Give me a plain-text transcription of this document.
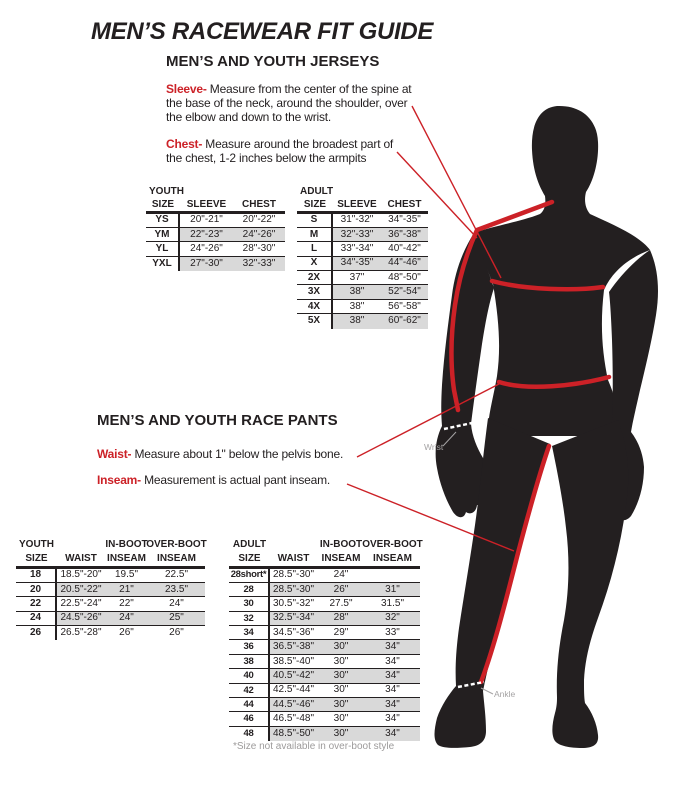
MEN’S RACEWEAR FIT GUIDE
MEN’S AND YOUTH JERSEYS
Sleeve- Measure from the center of the spine at the base of the neck, around the shoulder, over the elbow and down to the wrist.
Chest- Measure around the broadest part of the chest, 1-2 inches below the armpits
MEN’S AND YOUTH RACE PANTS
Waist- Measure about 1" below the pelvis bone.
Inseam- Measurement is actual pant inseam.
YOUTH
SIZE	SLEEVE	CHEST
YS	20"-21"	20"-22"
YM	22"-23"	24"-26"
YL	24"-26"	28"-30"
YXL	27"-30"	32"-33"
ADULT
SIZE	SLEEVE	CHEST
S	31"-32"	34"-35"
M	32"-33"	36"-38"
L	33"-34"	40"-42"
X	34"-35"	44"-46"
2X	37"	48"-50"
3X	38"	52"-54"
4X	38"	56"-58"
5X	38"	60"-62"
YOUTH	IN-BOOT
OVER-BOOT
SIZE	WAIST	INSEAM	INSEAM
18	18.5"-20"	19.5"	22.5"
20	20.5"-22"	21"	23.5"
22	22.5"-24"	22"	24"
24	24.5"-26"	24"	25"
26	26.5"-28"	26"	26"
ADULT	IN-BOOT OVER-BOOT
SIZE	WAIST	INSEAM	INSEAM
28short* 28.5"-30"	24"
28	28.5"-30"	26"	31"
30	30.5"-32"	27.5"	31.5"
32	32.5"-34"	28"	32"
34	34.5"-36"	29"	33"
36	36.5"-38"	30"	34"
38	38.5"-40"	30"	34"
40	40.5"-42"	30"	34"
42	42.5"-44"	30"	34"
44	44.5"-46"	30"	34"
46	46.5"-48"	30"	34"
48	48.5"-50"	30"	34"
*Size not available in over-boot style
Wrist
Ankle
